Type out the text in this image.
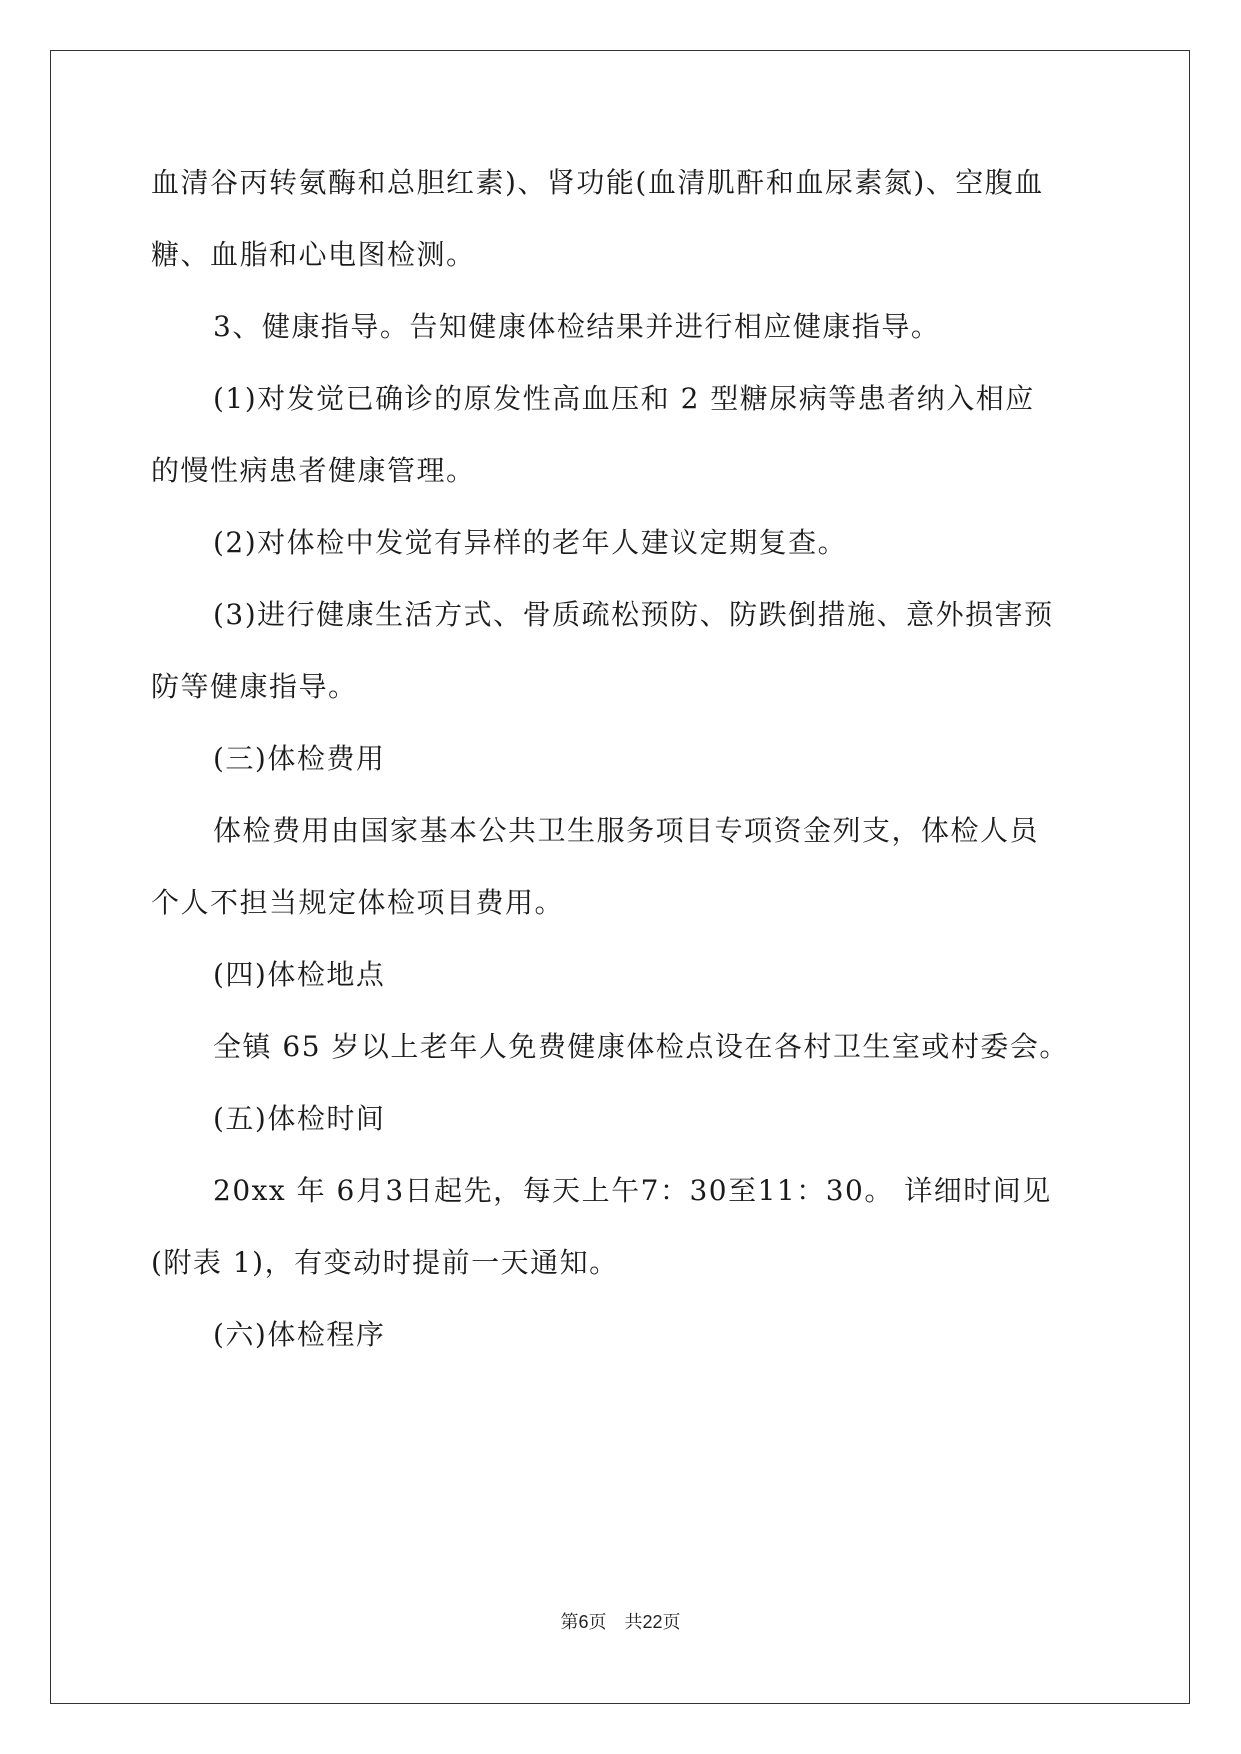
血清谷丙转氨酶和总胆红素)、肾功能(血清肌酐和血尿素氮)、空腹血
糖、血脂和心电图检测。
3、健康指导。告知健康体检结果并进行相应健康指导。
(1)对发觉已确诊的原发性高血压和 2 型糖尿病等患者纳入相应
的慢性病患者健康管理。
(2)对体检中发觉有异样的老年人建议定期复查。
(3)进行健康生活方式、骨质疏松预防、防跌倒措施、意外损害预
防等健康指导。
(三)体检费用
体检费用由国家基本公共卫生服务项目专项资金列支，体检人员
个人不担当规定体检项目费用。
(四)体检地点
全镇 65 岁以上老年人免费健康体检点设在各村卫生室或村委会。
(五)体检时间
20xx 年 6月3日起先，每天上午7：30至11：30。 详细时间见
(附表 1)，有变动时提前一天通知。
(六)体检程序
第6页 共22页
